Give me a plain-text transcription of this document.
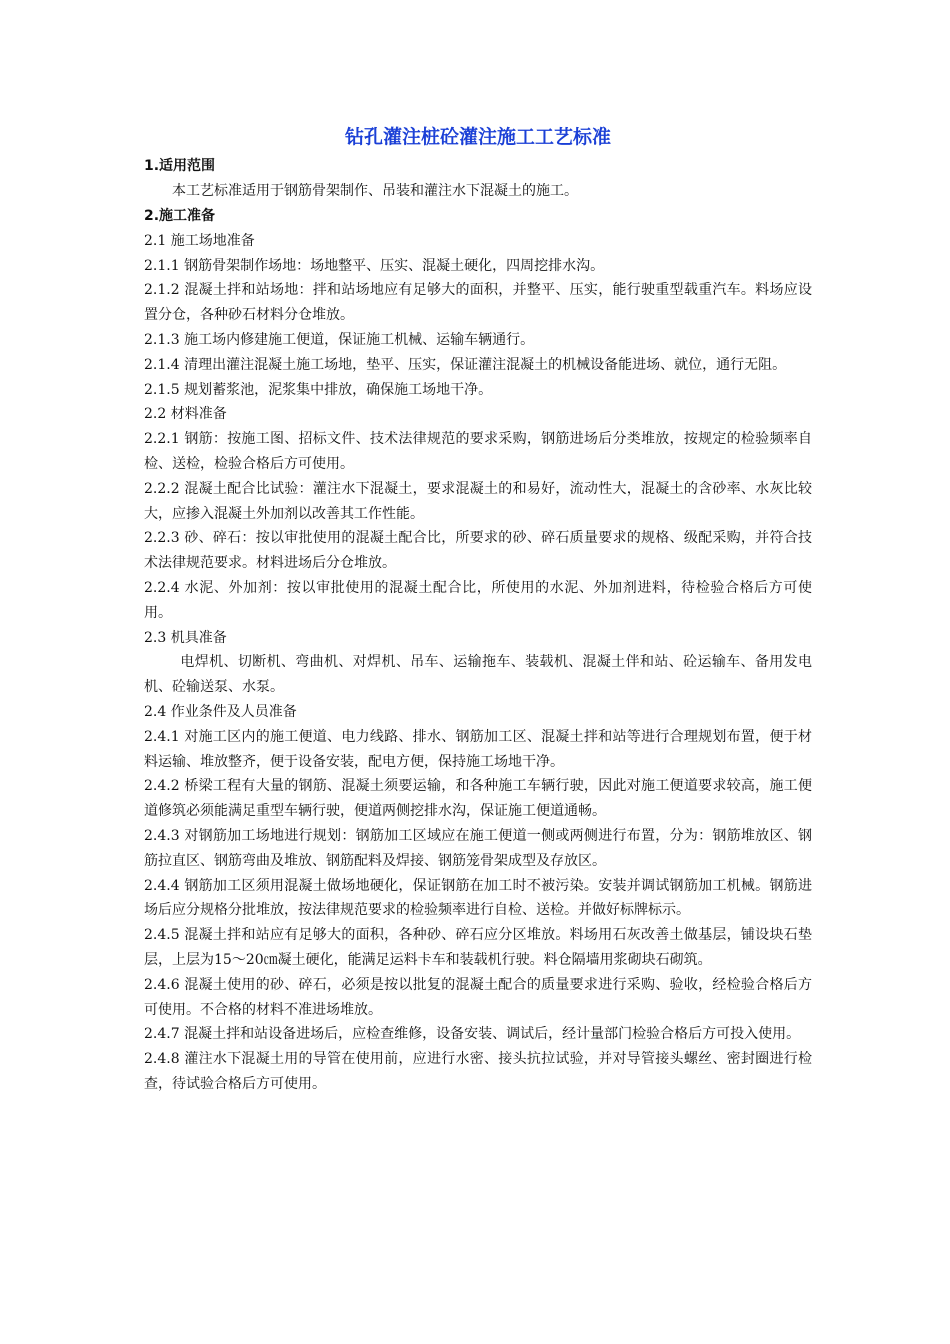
钻孔灌注桩砼灌注施工工艺标准
1.适用范围
本工艺标准适用于钢筋骨架制作、吊装和灌注水下混凝土的施工。
2.施工准备
2.1 施工场地准备
2.1.1 钢筋骨架制作场地：场地整平、压实、混凝土硬化，四周挖排水沟。
2.1.2 混凝土拌和站场地：拌和站场地应有足够大的面积，并整平、压实，能行驶重型载重汽车。料场应设置分仓，各种砂石材料分仓堆放。
2.1.3 施工场内修建施工便道，保证施工机械、运输车辆通行。
2.1.4 清理出灌注混凝土施工场地，垫平、压实，保证灌注混凝土的机械设备能进场、就位，通行无阻。
2.1.5 规划蓄浆池，泥浆集中排放，确保施工场地干净。
2.2 材料准备
2.2.1 钢筋：按施工图、招标文件、技术法律规范的要求采购，钢筋进场后分类堆放，按规定的检验频率自检、送检，检验合格后方可使用。
2.2.2 混凝土配合比试验：灌注水下混凝土，要求混凝土的和易好，流动性大，混凝土的含砂率、水灰比较大，应掺入混凝土外加剂以改善其工作性能。
2.2.3 砂、碎石：按以审批使用的混凝土配合比，所要求的砂、碎石质量要求的规格、级配采购，并符合技术法律规范要求。材料进场后分仓堆放。
2.2.4 水泥、外加剂：按以审批使用的混凝土配合比，所使用的水泥、外加剂进料，待检验合格后方可使用。
2.3 机具准备
电焊机、切断机、弯曲机、对焊机、吊车、运输拖车、装载机、混凝土伴和站、砼运输车、备用发电机、砼输送泵、水泵。
2.4 作业条件及人员准备
2.4.1 对施工区内的施工便道、电力线路、排水、钢筋加工区、混凝土拌和站等进行合理规划布置，便于材料运输、堆放整齐，便于设备安装，配电方便，保持施工场地干净。
2.4.2 桥梁工程有大量的钢筋、混凝土须要运输，和各种施工车辆行驶，因此对施工便道要求较高，施工便道修筑必须能满足重型车辆行驶，便道两侧挖排水沟，保证施工便道通畅。
2.4.3 对钢筋加工场地进行规划：钢筋加工区域应在施工便道一侧或两侧进行布置，分为：钢筋堆放区、钢筋拉直区、钢筋弯曲及堆放、钢筋配料及焊接、钢筋笼骨架成型及存放区。
2.4.4 钢筋加工区须用混凝土做场地硬化，保证钢筋在加工时不被污染。安装并调试钢筋加工机械。钢筋进场后应分规格分批堆放，按法律规范要求的检验频率进行自检、送检。并做好标牌标示。
2.4.5 混凝土拌和站应有足够大的面积，各种砂、碎石应分区堆放。料场用石灰改善土做基层，铺设块石垫层，上层为15～20㎝凝土硬化，能满足运料卡车和装载机行驶。料仓隔墙用浆砌块石砌筑。
2.4.6 混凝土使用的砂、碎石，必须是按以批复的混凝土配合的质量要求进行采购、验收，经检验合格后方可使用。不合格的材料不准进场堆放。
2.4.7 混凝土拌和站设备进场后，应检查维修，设备安装、调试后，经计量部门检验合格后方可投入使用。
2.4.8 灌注水下混凝土用的导管在使用前，应进行水密、接头抗拉试验，并对导管接头螺丝、密封圈进行检查，待试验合格后方可使用。
